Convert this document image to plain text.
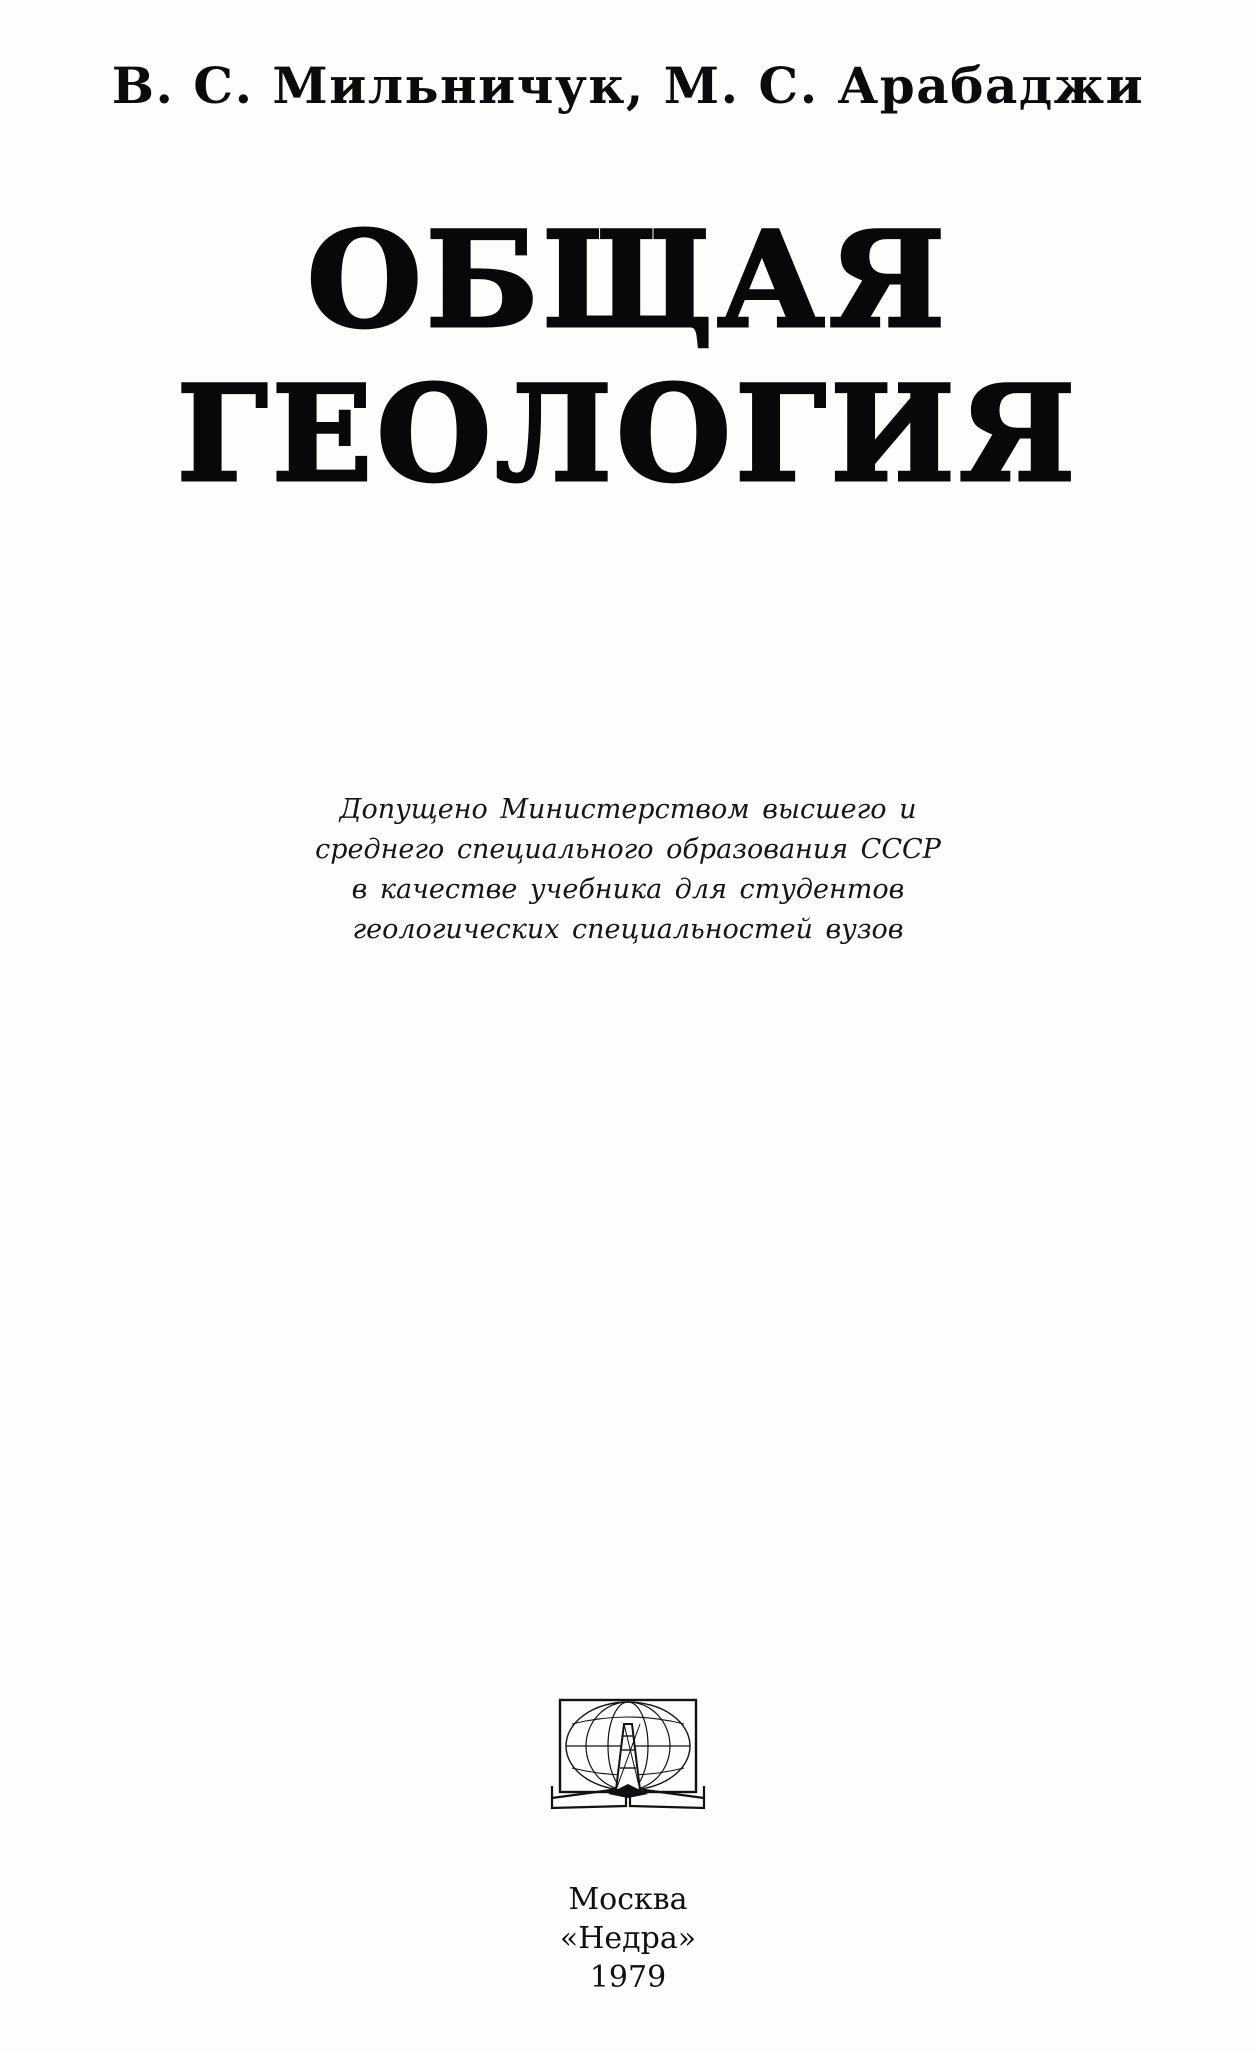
В. С. Мильничук, М. С. Арабаджи
ОБЩАЯ
ГЕОЛОГИЯ
Допущено Министерством высшего и
среднего специального образования СССР
в качестве учебника для студентов
геологических специальностей вузов
Москва
«Недра»
1979
